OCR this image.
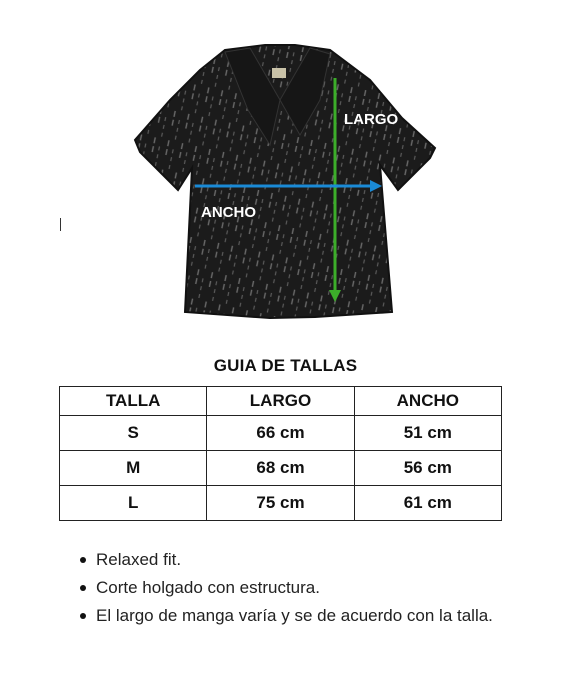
LARGO
ANCHO
GUIA DE TALLAS
TALLA	LARGO	ANCHO
S	66 cm	51 cm
M	68 cm	56 cm
L	75 cm	61 cm
Relaxed fit.
Corte holgado con estructura.
El largo de manga varía y se de acuerdo con la talla.
